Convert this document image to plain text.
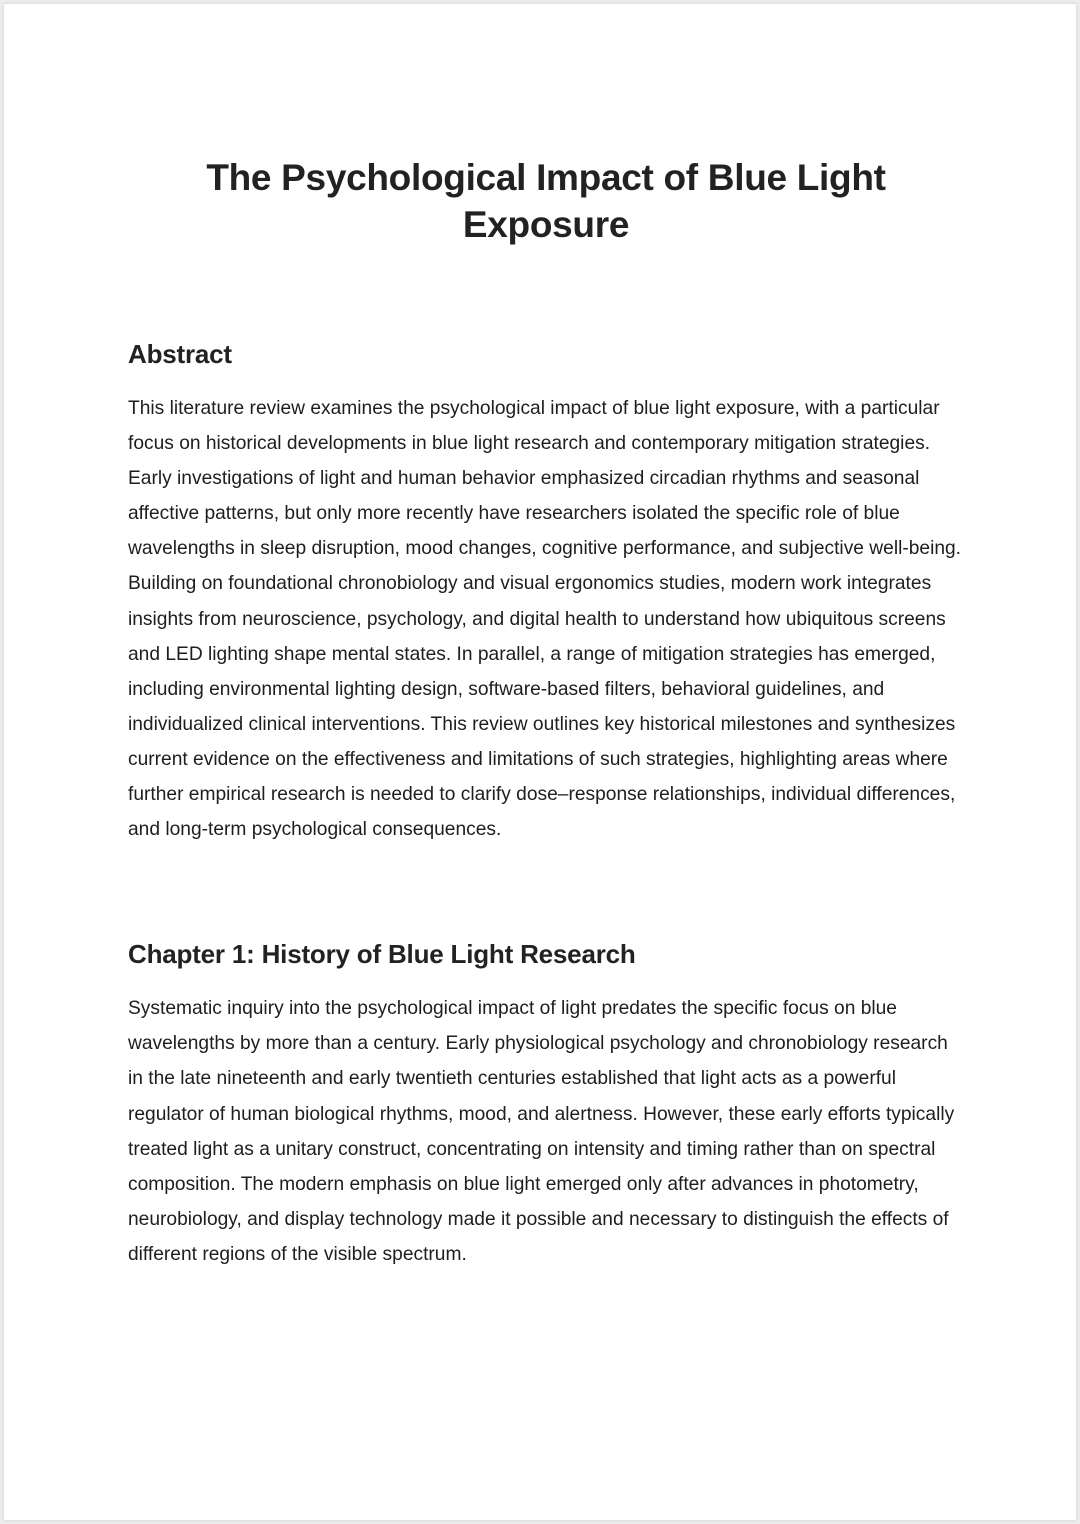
The Psychological Impact of Blue Light Exposure
Abstract

This literature review examines the psychological impact of blue light exposure, with a particular focus on historical developments in blue light research and contemporary mitigation strategies. Early investigations of light and human behavior emphasized circadian rhythms and seasonal affective patterns, but only more recently have researchers isolated the specific role of blue wavelengths in sleep disruption, mood changes, cognitive performance, and subjective well-being. Building on foundational chronobiology and visual ergonomics studies, modern work integrates insights from neuroscience, psychology, and digital health to understand how ubiquitous screens and LED lighting shape mental states. In parallel, a range of mitigation strategies has emerged, including environmental lighting design, software-based filters, behavioral guidelines, and individualized clinical interventions. This review outlines key historical milestones and synthesizes current evidence on the effectiveness and limitations of such strategies, highlighting areas where further empirical research is needed to clarify dose–response relationships, individual differences, and long-term psychological consequences.

Chapter 1: History of Blue Light Research

Systematic inquiry into the psychological impact of light predates the specific focus on blue wavelengths by more than a century. Early physiological psychology and chronobiology research in the late nineteenth and early twentieth centuries established that light acts as a powerful regulator of human biological rhythms, mood, and alertness. However, these early efforts typically treated light as a unitary construct, concentrating on intensity and timing rather than on spectral composition. The modern emphasis on blue light emerged only after advances in photometry, neurobiology, and display technology made it possible and necessary to distinguish the effects of different regions of the visible spectrum.
